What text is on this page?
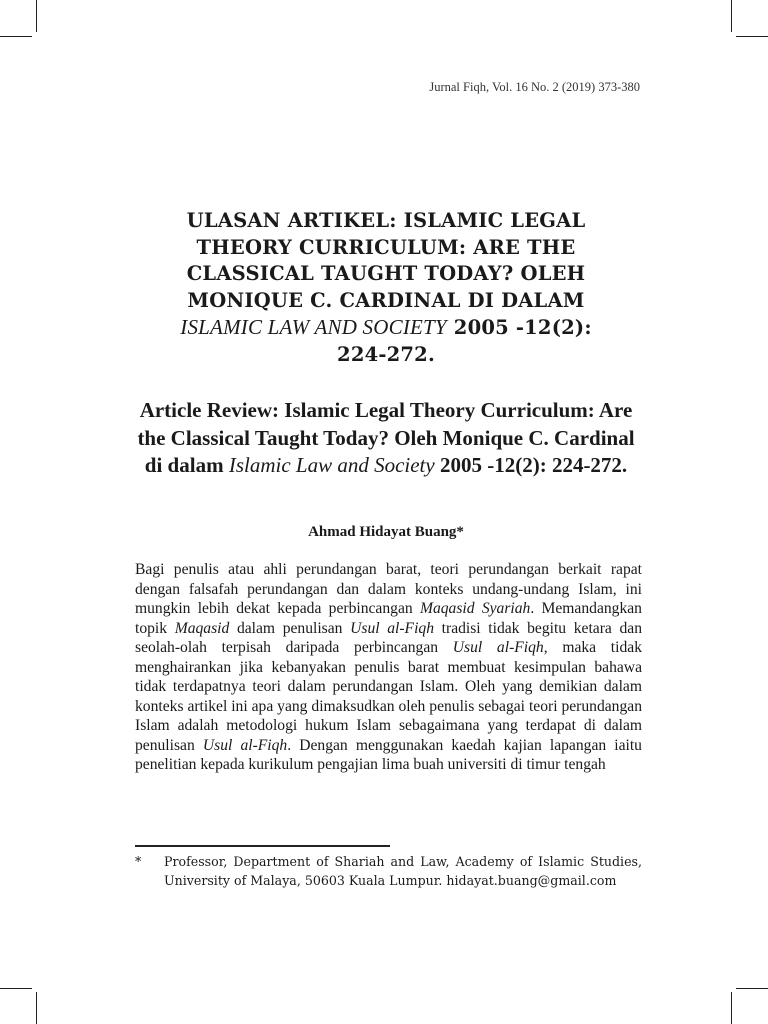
Jurnal Fiqh, Vol. 16 No. 2 (2019) 373-380
ULASAN ARTIKEL: ISLAMIC LEGAL
THEORY CURRICULUM: ARE THE
CLASSICAL TAUGHT TODAY? OLEH
MONIQUE C. CARDINAL DI DALAM
ISLAMIC LAW AND SOCIETY 2005 -12(2):
224-272.
Article Review: Islamic Legal Theory Curriculum: Are the Classical Taught Today? Oleh Monique C. Cardinal di dalam Islamic Law and Society 2005 -12(2): 224-272.
Ahmad Hidayat Buang*

Bagi penulis atau ahli perundangan barat, teori perundangan berkait rapat dengan falsafah perundangan dan dalam konteks undang-undang Islam, ini mungkin lebih dekat kepada perbincangan Maqasid Syariah. Memandangkan topik Maqasid dalam penulisan Usul al-Fiqh tradisi tidak begitu ketara dan seolah-olah terpisah daripada perbincangan Usul al-Fiqh, maka tidak menghairankan jika kebanyakan penulis barat membuat kesimpulan bahawa tidak terdapatnya teori dalam perundangan Islam. Oleh yang demikian dalam konteks artikel ini apa yang dimaksudkan oleh penulis sebagai teori perundangan Islam adalah metodologi hukum Islam sebagaimana yang terdapat di dalam penulisan Usul al-Fiqh. Dengan menggunakan kaedah kajian lapangan iaitu penelitian kepada kurikulum pengajian lima buah universiti di timur tengah

* Professor, Department of Shariah and Law, Academy of Islamic Studies, University of Malaya, 50603 Kuala Lumpur. hidayat.buang@gmail.com
